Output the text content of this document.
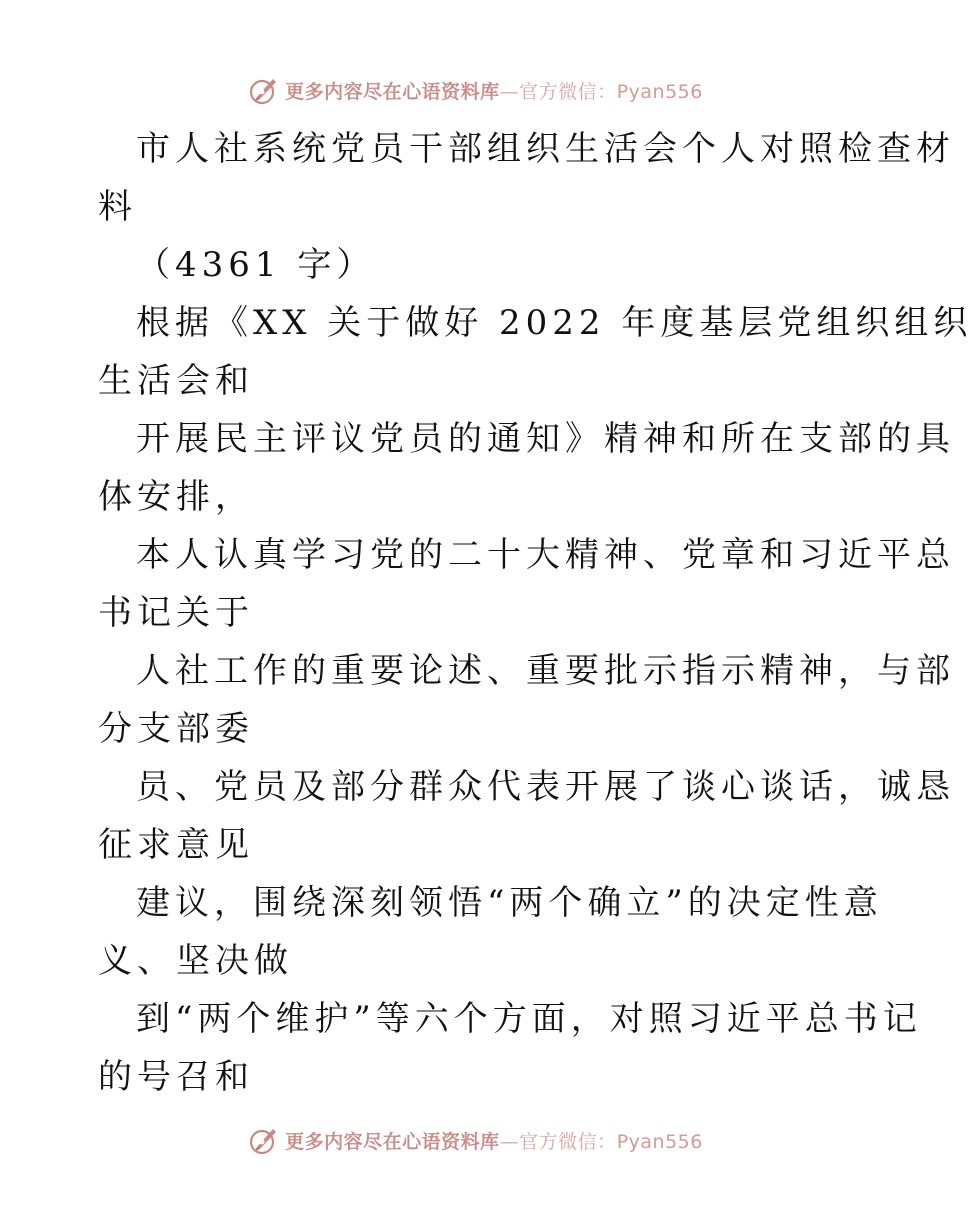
更多内容尽在心语资料库—官方微信：Pyan556
市人社系统党员干部组织生活会个人对照检查材
料
（4361 字）
根据《XX 关于做好 2022 年度基层党组织组织
生活会和
开展民主评议党员的通知》精神和所在支部的具
体安排，
本人认真学习党的二十大精神、党章和习近平总
书记关于
人社工作的重要论述、重要批示指示精神，与部
分支部委
员、党员及部分群众代表开展了谈心谈话，诚恳
征求意见
建议，围绕深刻领悟“两个确立”的决定性意
义、坚决做
到“两个维护”等六个方面，对照习近平总书记
的号召和
更多内容尽在心语资料库—官方微信：Pyan556
